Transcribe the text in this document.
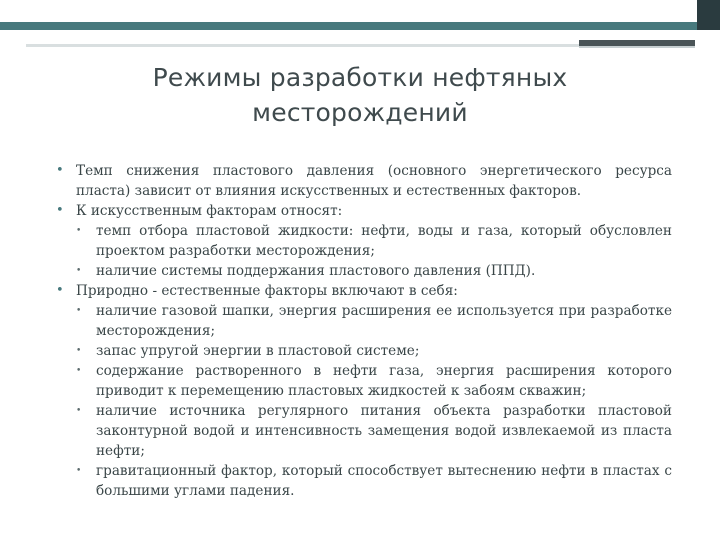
Режимы разработки нефтяных
месторождений
• Темп снижения пластового давления (основного энергетического ресурса пласта) зависит от влияния искусственных и естественных факторов.
• К искусственным факторам относят:
• темп отбора пластовой жидкости: нефти, воды и газа, который обусловлен проектом разработки месторождения;
• наличие системы поддержания пластового давления (ППД).
• Природно - естественные факторы включают в себя:
• наличие газовой шапки, энергия расширения ее используется при разработке месторождения;
• запас упругой энергии в пластовой системе;
• содержание растворенного в нефти газа, энергия расширения которого приводит к перемещению пластовых жидкостей к забоям скважин;
• наличие источника регулярного питания объекта разработки пластовой законтурной водой и интенсивность замещения водой извлекаемой из пласта нефти;
• гравитационный фактор, который способствует вытеснению нефти в пластах с большими углами падения.
